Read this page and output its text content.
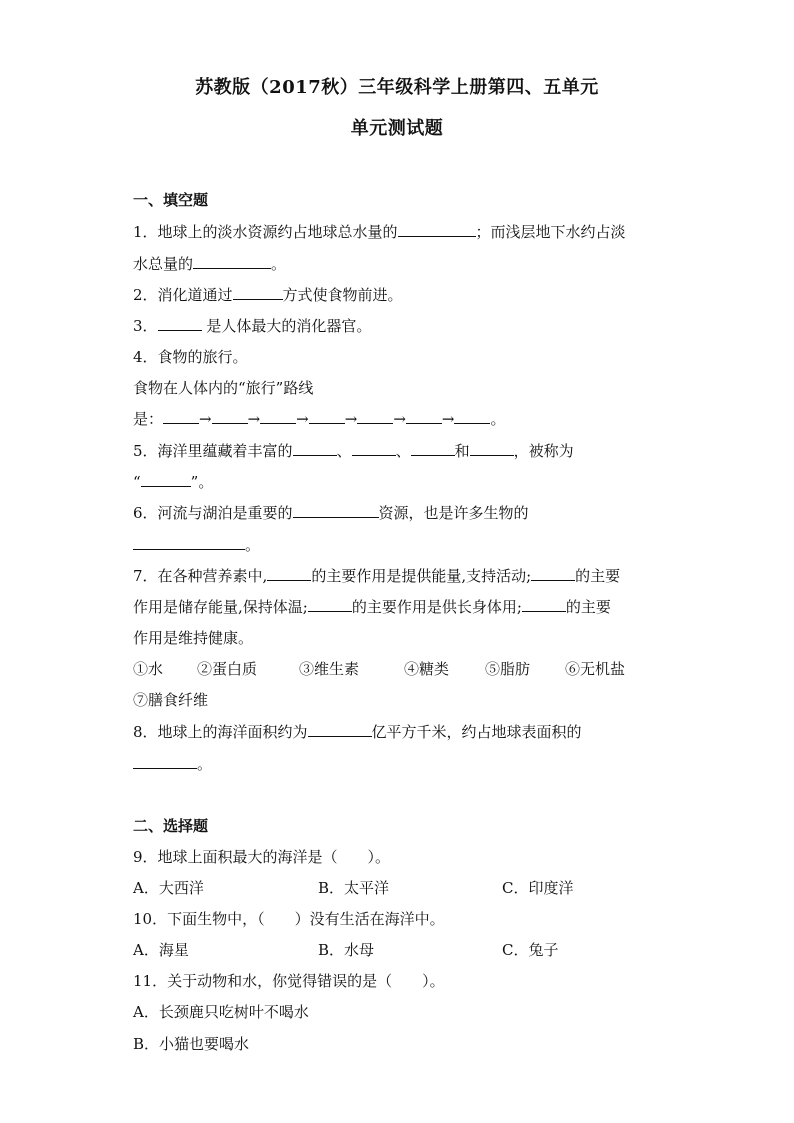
苏教版（2017秋）三年级科学上册第四、五单元
单元测试题
一、填空题
1．地球上的淡水资源约占地球总水量的	；而浅层地下水约占淡
水总量的	。
2．消化道通过	方式使食物前进。
3．	是人体最大的消化器官。
4．食物的旅行。
食物在人体内的“旅行”路线
是： → → → → → → 。
5．海洋里蕴藏着丰富的	、	、	和	，被称为
“	”。
6．河流与湖泊是重要的	资源，也是许多生物的
。
7．在各种营养素中,	的主要作用是提供能量,支持活动;	的主要
作用是储存能量,保持体温;	的主要作用是供长身体用;	的主要
作用是维持健康。
①水 ②蛋白质	③维生素	④糖类 ⑤脂肪 ⑥无机盐
⑦膳食纤维
8．地球上的海洋面积约为	亿平方千米，约占地球表面积的
。
二、选择题
9．地球上面积最大的海洋是（　　）。
A．大西洋	B．太平洋	C．印度洋
10．下面生物中，（　　）没有生活在海洋中。
A．海星	B．水母	C．兔子
11．关于动物和水，你觉得错误的是（　　）。
A．长颈鹿只吃树叶不喝水
B．小猫也要喝水
